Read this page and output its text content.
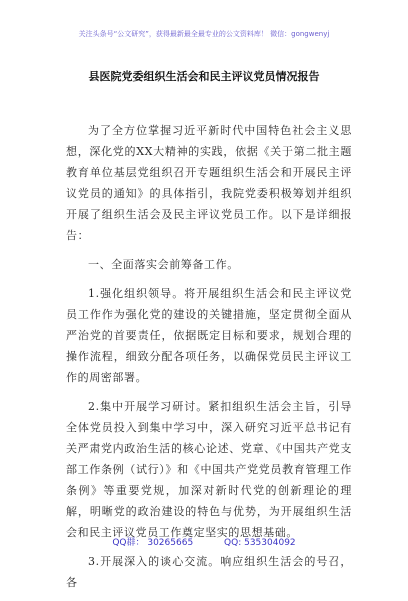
关注头条号“公文研究”，获得最新最全最专业的公文资料库！ 微信：gongwenyj
县医院党委组织生活会和民主评议党员情况报告

为了全方位掌握习近平新时代中国特色社会主义思想，深化党的XX大精神的实践，依据《关于第二批主题教育单位基层党组织召开专题组织生活会和开展民主评议党员的通知》的具体指引，我院党委积极筹划并组织开展了组织生活会及民主评议党员工作。以下是详细报告：

一、全面落实会前筹备工作。

1.强化组织领导。将开展组织生活会和民主评议党员工作作为强化党的建设的关键措施，坚定贯彻全面从严治党的首要责任，依据既定目标和要求，规划合理的操作流程，细致分配各项任务，以确保党员民主评议工作的周密部署。

2.集中开展学习研讨。紧扣组织生活会主旨，引导全体党员投入到集中学习中，深入研究习近平总书记有关严肃党内政治生活的核心论述、党章、《中国共产党支部工作条例（试行）》和《中国共产党党员教育管理工作条例》等重要党规，加深对新时代党的创新理论的理解，明晰党的政治建设的特色与优势，为开展组织生活会和民主评议党员工作奠定坚实的思想基础。

3.开展深入的谈心交流。响应组织生活会的号召，各

QQ群： 30265665	QQ: 535304092
